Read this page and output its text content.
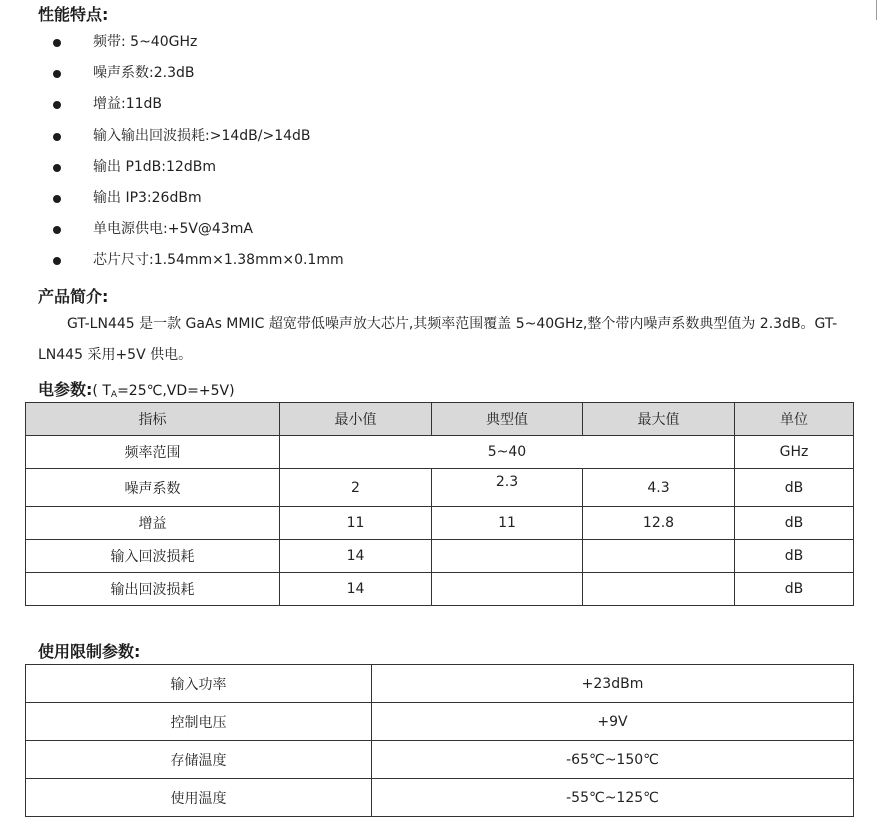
性能特点:
频带: 5~40GHz
噪声系数:2.3dB
增益:11dB
输入输出回波损耗:>14dB/>14dB
输出 P1dB:12dBm
输出 IP3:26dBm
单电源供电:+5V@43mA
芯片尺寸:1.54mm×1.38mm×0.1mm
产品简介:
GT-LN445 是一款 GaAs MMIC 超宽带低噪声放大芯片,其频率范围覆盖 5~40GHz,整个带内噪声系数典型值为 2.3dB。GT-LN445 采用+5V 供电。
电参数:( $T_A=25℃,VD=+5V$)
指标	最小值	典型值	最大值	单位
频率范围	5~40			GHz
噪声系数	2	2.3	4.3	dB
增益	11	11	12.8	dB
输入回波损耗	14			dB
输出回波损耗	14			dB
使用限制参数:
输入功率	+23dBm
控制电压	+9V
存储温度	-65℃~150℃
使用温度	-55℃~125℃
